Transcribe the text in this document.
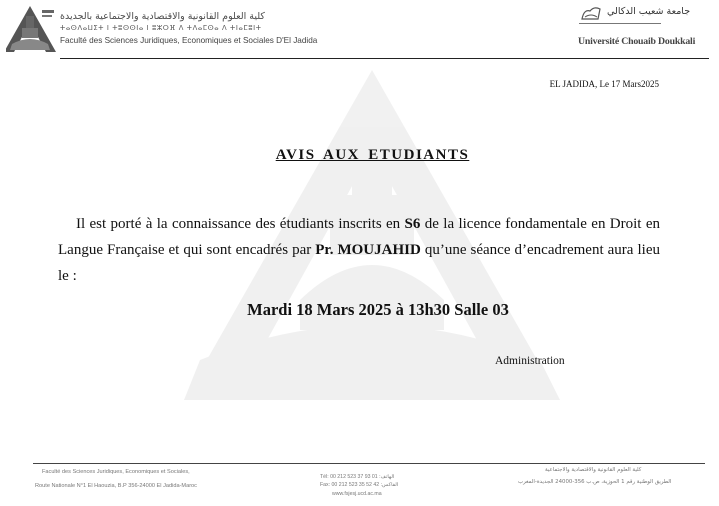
كلية العلوم القانونية والاقتصادية والاجتماعية بالجديدة
ⵜⴰⵙⴷⴰⵡⵉⵜ ⵏ ⵜⵓⵙⵙⵏⴰ ⵏ ⵓⵣⵔⴼ ⴷ ⵜⴷⴰⵎⵙⴰ ⴷ ⵜⵏⴰⵎⵓⵏⵜ
Faculté des Sciences Juridiques, Economiques et Sociales D'El Jadida
جامعة شعيب الدكالي
Université Chouaib Doukkali
EL JADIDA, Le 17 Mars2025
AVIS AUX ETUDIANTS
Il est porté à la connaissance des étudiants inscrits en S6 de la licence fondamentale en Droit en Langue Française et qui sont encadrés par Pr. MOUJAHID qu’une séance d’encadrement aura lieu le :
Mardi 18 Mars 2025 à 13h30 Salle 03
Administration
Faculté des Sciences Juridiques, Economiques et Sociales,
Route Nationale N°1 El Haouzia, B.P 356-24000 El Jadida-Maroc
Tél: 00 212 523 37 93 01 :الهاتف
Fax: 00 212 523 35 52 42 :الفاكس
www.fsjesj.ucd.ac.ma
كلية العلوم القانونية والاقتصادية والاجتماعية
الطريق الوطنية رقم 1 الحوزية، ص.ب 356-24000 الجديدة-المغرب
